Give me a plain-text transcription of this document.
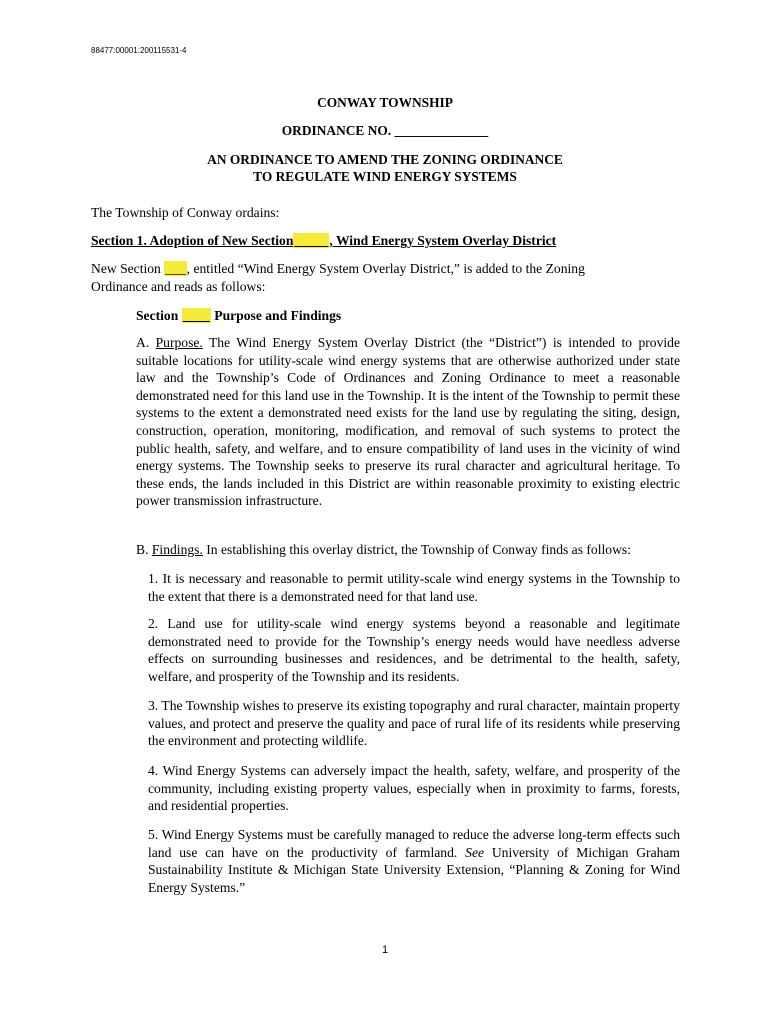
88477:00001:200115531-4
CONWAY TOWNSHIP
ORDINANCE NO. ______________
AN ORDINANCE TO AMEND THE ZONING ORDINANCE
TO REGULATE WIND ENERGY SYSTEMS
The Township of Conway ordains:
Section 1. Adoption of New Section_____, Wind Energy System Overlay District
New Section ___, entitled “Wind Energy System Overlay District,” is added to the Zoning Ordinance and reads as follows:
Section ____ Purpose and Findings
A. Purpose. The Wind Energy System Overlay District (the “District”) is intended to provide suitable locations for utility-scale wind energy systems that are otherwise authorized under state law and the Township’s Code of Ordinances and Zoning Ordinance to meet a reasonable demonstrated need for this land use in the Township. It is the intent of the Township to permit these systems to the extent a demonstrated need exists for the land use by regulating the siting, design, construction, operation, monitoring, modification, and removal of such systems to protect the public health, safety, and welfare, and to ensure compatibility of land uses in the vicinity of wind energy systems. The Township seeks to preserve its rural character and agricultural heritage. To these ends, the lands included in this District are within reasonable proximity to existing electric power transmission infrastructure.
B. Findings. In establishing this overlay district, the Township of Conway finds as follows:
1. It is necessary and reasonable to permit utility-scale wind energy systems in the Township to the extent that there is a demonstrated need for that land use.
2. Land use for utility-scale wind energy systems beyond a reasonable and legitimate demonstrated need to provide for the Township’s energy needs would have needless adverse effects on surrounding businesses and residences, and be detrimental to the health, safety, welfare, and prosperity of the Township and its residents.
3. The Township wishes to preserve its existing topography and rural character, maintain property values, and protect and preserve the quality and pace of rural life of its residents while preserving the environment and protecting wildlife.
4. Wind Energy Systems can adversely impact the health, safety, welfare, and prosperity of the community, including existing property values, especially when in proximity to farms, forests, and residential properties.
5. Wind Energy Systems must be carefully managed to reduce the adverse long-term effects such land use can have on the productivity of farmland. See University of Michigan Graham Sustainability Institute & Michigan State University Extension, “Planning & Zoning for Wind Energy Systems.”
1
